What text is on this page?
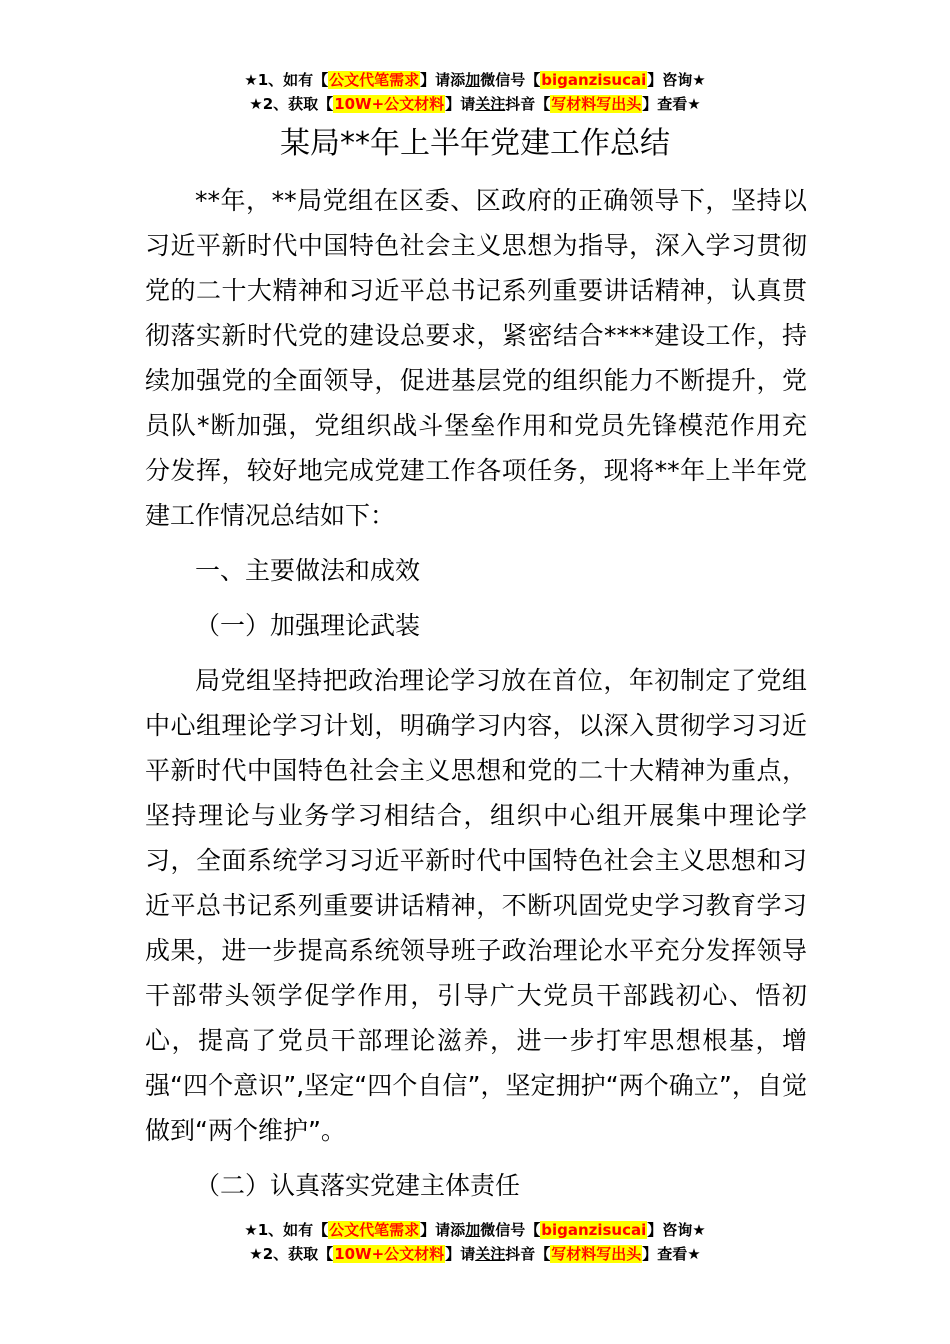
★1、如有【公文代笔需求】请添加微信号【biganzisucai】咨询★
★2、获取【10W+公文材料】请关注抖音【写材料写出头】查看★
某局**年上半年党建工作总结

**年，**局党组在区委、区政府的正确领导下，坚持以习近平新时代中国特色社会主义思想为指导，深入学习贯彻党的二十大精神和习近平总书记系列重要讲话精神，认真贯彻落实新时代党的建设总要求，紧密结合****建设工作，持续加强党的全面领导，促进基层党的组织能力不断提升，党员队*断加强，党组织战斗堡垒作用和党员先锋模范作用充分发挥，较好地完成党建工作各项任务，现将**年上半年党建工作情况总结如下：

一、主要做法和成效

（一）加强理论武装

局党组坚持把政治理论学习放在首位，年初制定了党组中心组理论学习计划，明确学习内容，以深入贯彻学习习近平新时代中国特色社会主义思想和党的二十大精神为重点，坚持理论与业务学习相结合，组织中心组开展集中理论学习，全面系统学习习近平新时代中国特色社会主义思想和习近平总书记系列重要讲话精神，不断巩固党史学习教育学习成果，进一步提高系统领导班子政治理论水平充分发挥领导干部带头领学促学作用，引导广大党员干部践初心、悟初心，提高了党员干部理论滋养，进一步打牢思想根基，增强“四个意识”,坚定“四个自信”，坚定拥护“两个确立”，自觉做到“两个维护”。

（二）认真落实党建主体责任

★1、如有【公文代笔需求】请添加微信号【biganzisucai】咨询★
★2、获取【10W+公文材料】请关注抖音【写材料写出头】查看★
